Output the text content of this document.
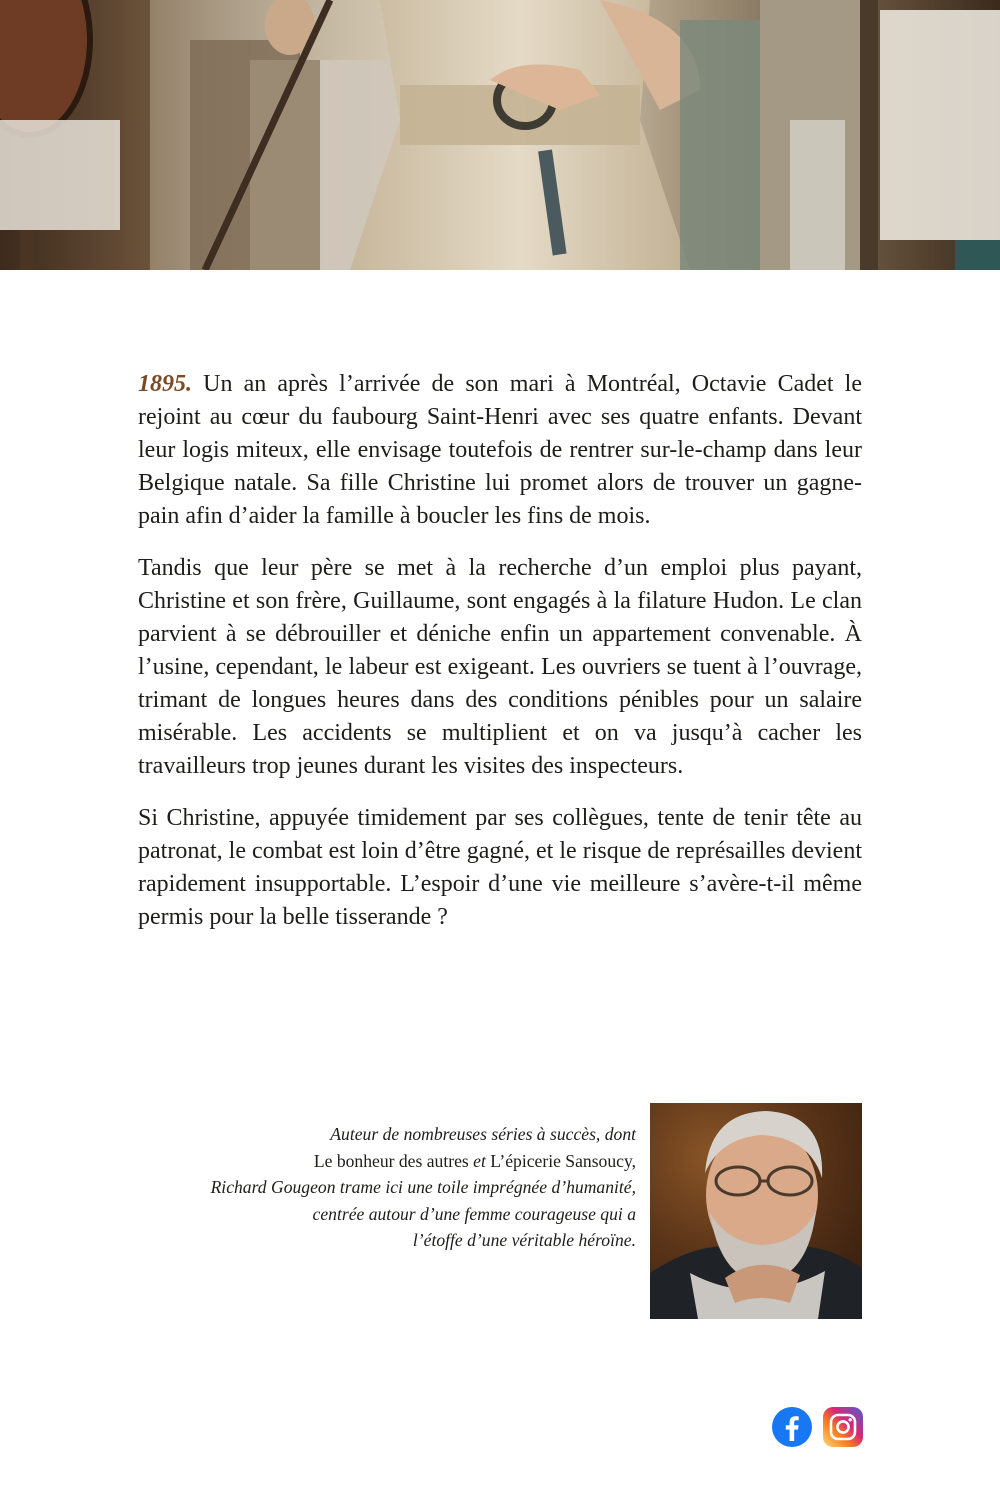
1895. Un an après l’arrivée de son mari à Montréal, Octavie Cadet le rejoint au cœur du faubourg Saint-Henri avec ses quatre enfants. Devant leur logis miteux, elle envisage toutefois de rentrer sur-le-champ dans leur Belgique natale. Sa fille Christine lui promet alors de trouver un gagne-pain afin d’aider la famille à boucler les fins de mois.

Tandis que leur père se met à la recherche d’un emploi plus payant, Christine et son frère, Guillaume, sont engagés à la filature Hudon. Le clan parvient à se débrouiller et déniche enfin un appartement convenable. À l’usine, cependant, le labeur est exigeant. Les ouvriers se tuent à l’ouvrage, trimant de longues heures dans des conditions pénibles pour un salaire misérable. Les accidents se multiplient et on va jusqu’à cacher les travailleurs trop jeunes durant les visites des inspecteurs.

Si Christine, appuyée timidement par ses collègues, tente de tenir tête au patronat, le combat est loin d’être gagné, et le risque de représailles devient rapidement insupportable. L’espoir d’une vie meilleure s’avère-t-il même permis pour la belle tisserande ?

Auteur de nombreuses séries à succès, dont
Le bonheur des autres et L’épicerie Sansoucy,
Richard Gougeon trame ici une toile imprégnée d’humanité,
centrée autour d’une femme courageuse qui a
l’étoffe d’une véritable héroïne.
